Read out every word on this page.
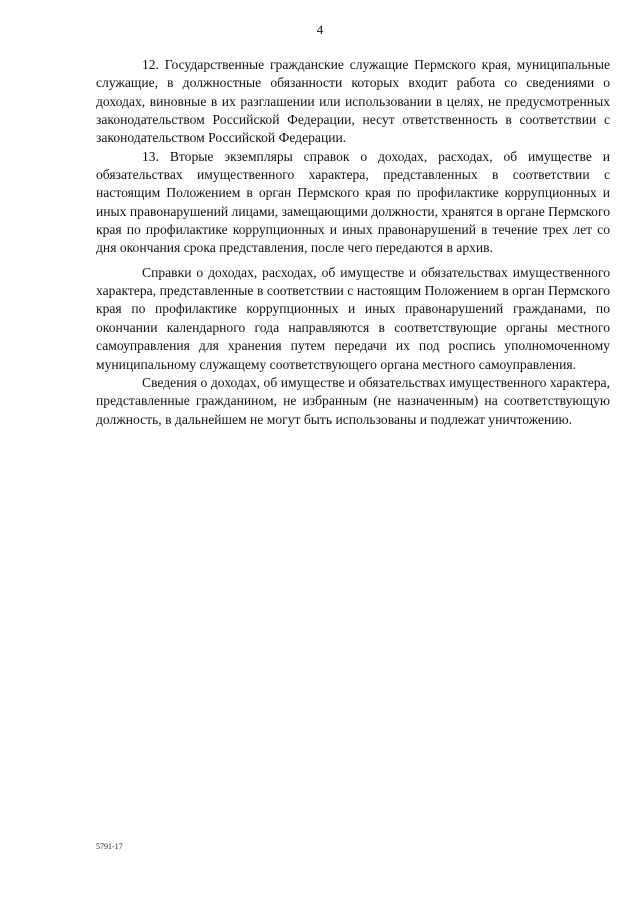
4

12. Государственные гражданские служащие Пермского края, муниципальные служащие, в должностные обязанности которых входит работа со сведениями о доходах, виновные в их разглашении или использовании в целях, не предусмотренных законодательством Российской Федерации, несут ответственность в соответствии с законодательством Российской Федерации.

13. Вторые экземпляры справок о доходах, расходах, об имуществе и обязательствах имущественного характера, представленных в соответствии с настоящим Положением в орган Пермского края по профилактике коррупционных и иных правонарушений лицами, замещающими должности, хранятся в органе Пермского края по профилактике коррупционных и иных правонарушений в течение трех лет со дня окончания срока представления, после чего передаются в архив.

Справки о доходах, расходах, об имуществе и обязательствах имущественного характера, представленные в соответствии с настоящим Положением в орган Пермского края по профилактике коррупционных и иных правонарушений гражданами, по окончании календарного года направляются в соответствующие органы местного самоуправления для хранения путем передачи их под роспись уполномоченному муниципальному служащему соответствующего органа местного самоуправления.

Сведения о доходах, об имуществе и обязательствах имущественного характера, представленные гражданином, не избранным (не назначенным) на соответствующую должность, в дальнейшем не могут быть использованы и подлежат уничтожению.

5791-17
